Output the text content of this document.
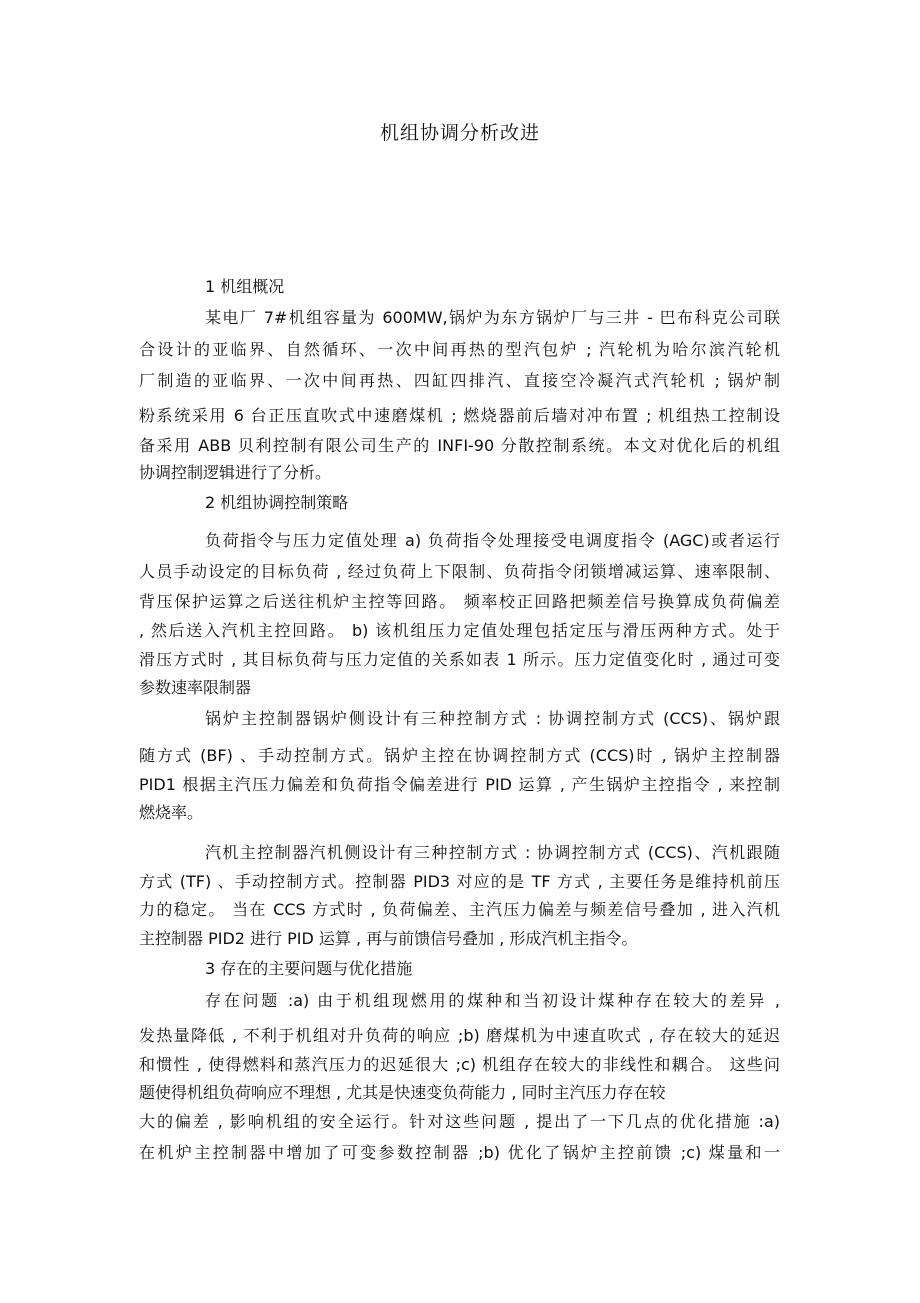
机组协调分析改进
1 机组概况
某电厂 7#机组容量为 600MW,锅炉为东方锅炉厂与三井 - 巴布科克公司联
合设计的亚临界、自然循环、一次中间再热的型汽包炉 ; 汽轮机为哈尔滨汽轮机
厂制造的亚临界、一次中间再热、四缸四排汽、直接空冷凝汽式汽轮机 ; 锅炉制
粉系统采用 6 台正压直吹式中速磨煤机 ; 燃烧器前后墙对冲布置 ; 机组热工控制设
备采用 ABB 贝利控制有限公司生产的 INFI-90 分散控制系统。本文对优化后的机组
协调控制逻辑进行了分析。
2 机组协调控制策略
负荷指令与压力定值处理 a) 负荷指令处理接受电调度指令 (AGC)或者运行
人员手动设定的目标负荷 , 经过负荷上下限制、负荷指令闭锁增减运算、速率限制、
背压保护运算之后送往机炉主控等回路。 频率校正回路把频差信号换算成负荷偏差
, 然后送入汽机主控回路。 b) 该机组压力定值处理包括定压与滑压两种方式。处于
滑压方式时 , 其目标负荷与压力定值的关系如表 1 所示。压力定值变化时 , 通过可变
参数速率限制器
锅炉主控制器锅炉侧设计有三种控制方式 : 协调控制方式 (CCS)、锅炉跟
随方式 (BF) 、手动控制方式。锅炉主控在协调控制方式 (CCS)时 , 锅炉主控制器
PID1 根据主汽压力偏差和负荷指令偏差进行 PID 运算 , 产生锅炉主控指令 , 来控制
燃烧率。
汽机主控制器汽机侧设计有三种控制方式 : 协调控制方式 (CCS)、汽机跟随
方式 (TF) 、手动控制方式。控制器 PID3 对应的是 TF 方式 , 主要任务是维持机前压
力的稳定。 当在 CCS 方式时 , 负荷偏差、主汽压力偏差与频差信号叠加 , 进入汽机
主控制器 PID2 进行 PID 运算 , 再与前馈信号叠加 , 形成汽机主指令。
3 存在的主要问题与优化措施
存在问题 :a) 由于机组现燃用的煤种和当初设计煤种存在较大的差异 ,
发热量降低 , 不利于机组对升负荷的响应 ;b) 磨煤机为中速直吹式 , 存在较大的延迟
和惯性 , 使得燃料和蒸汽压力的迟延很大 ;c) 机组存在较大的非线性和耦合。 这些问
题使得机组负荷响应不理想 , 尤其是快速变负荷能力 , 同时主汽压力存在较
大的偏差 , 影响机组的安全运行。针对这些问题 , 提出了一下几点的优化措施 :a)
在机炉主控制器中增加了可变参数控制器 ;b) 优化了锅炉主控前馈 ;c) 煤量和一
